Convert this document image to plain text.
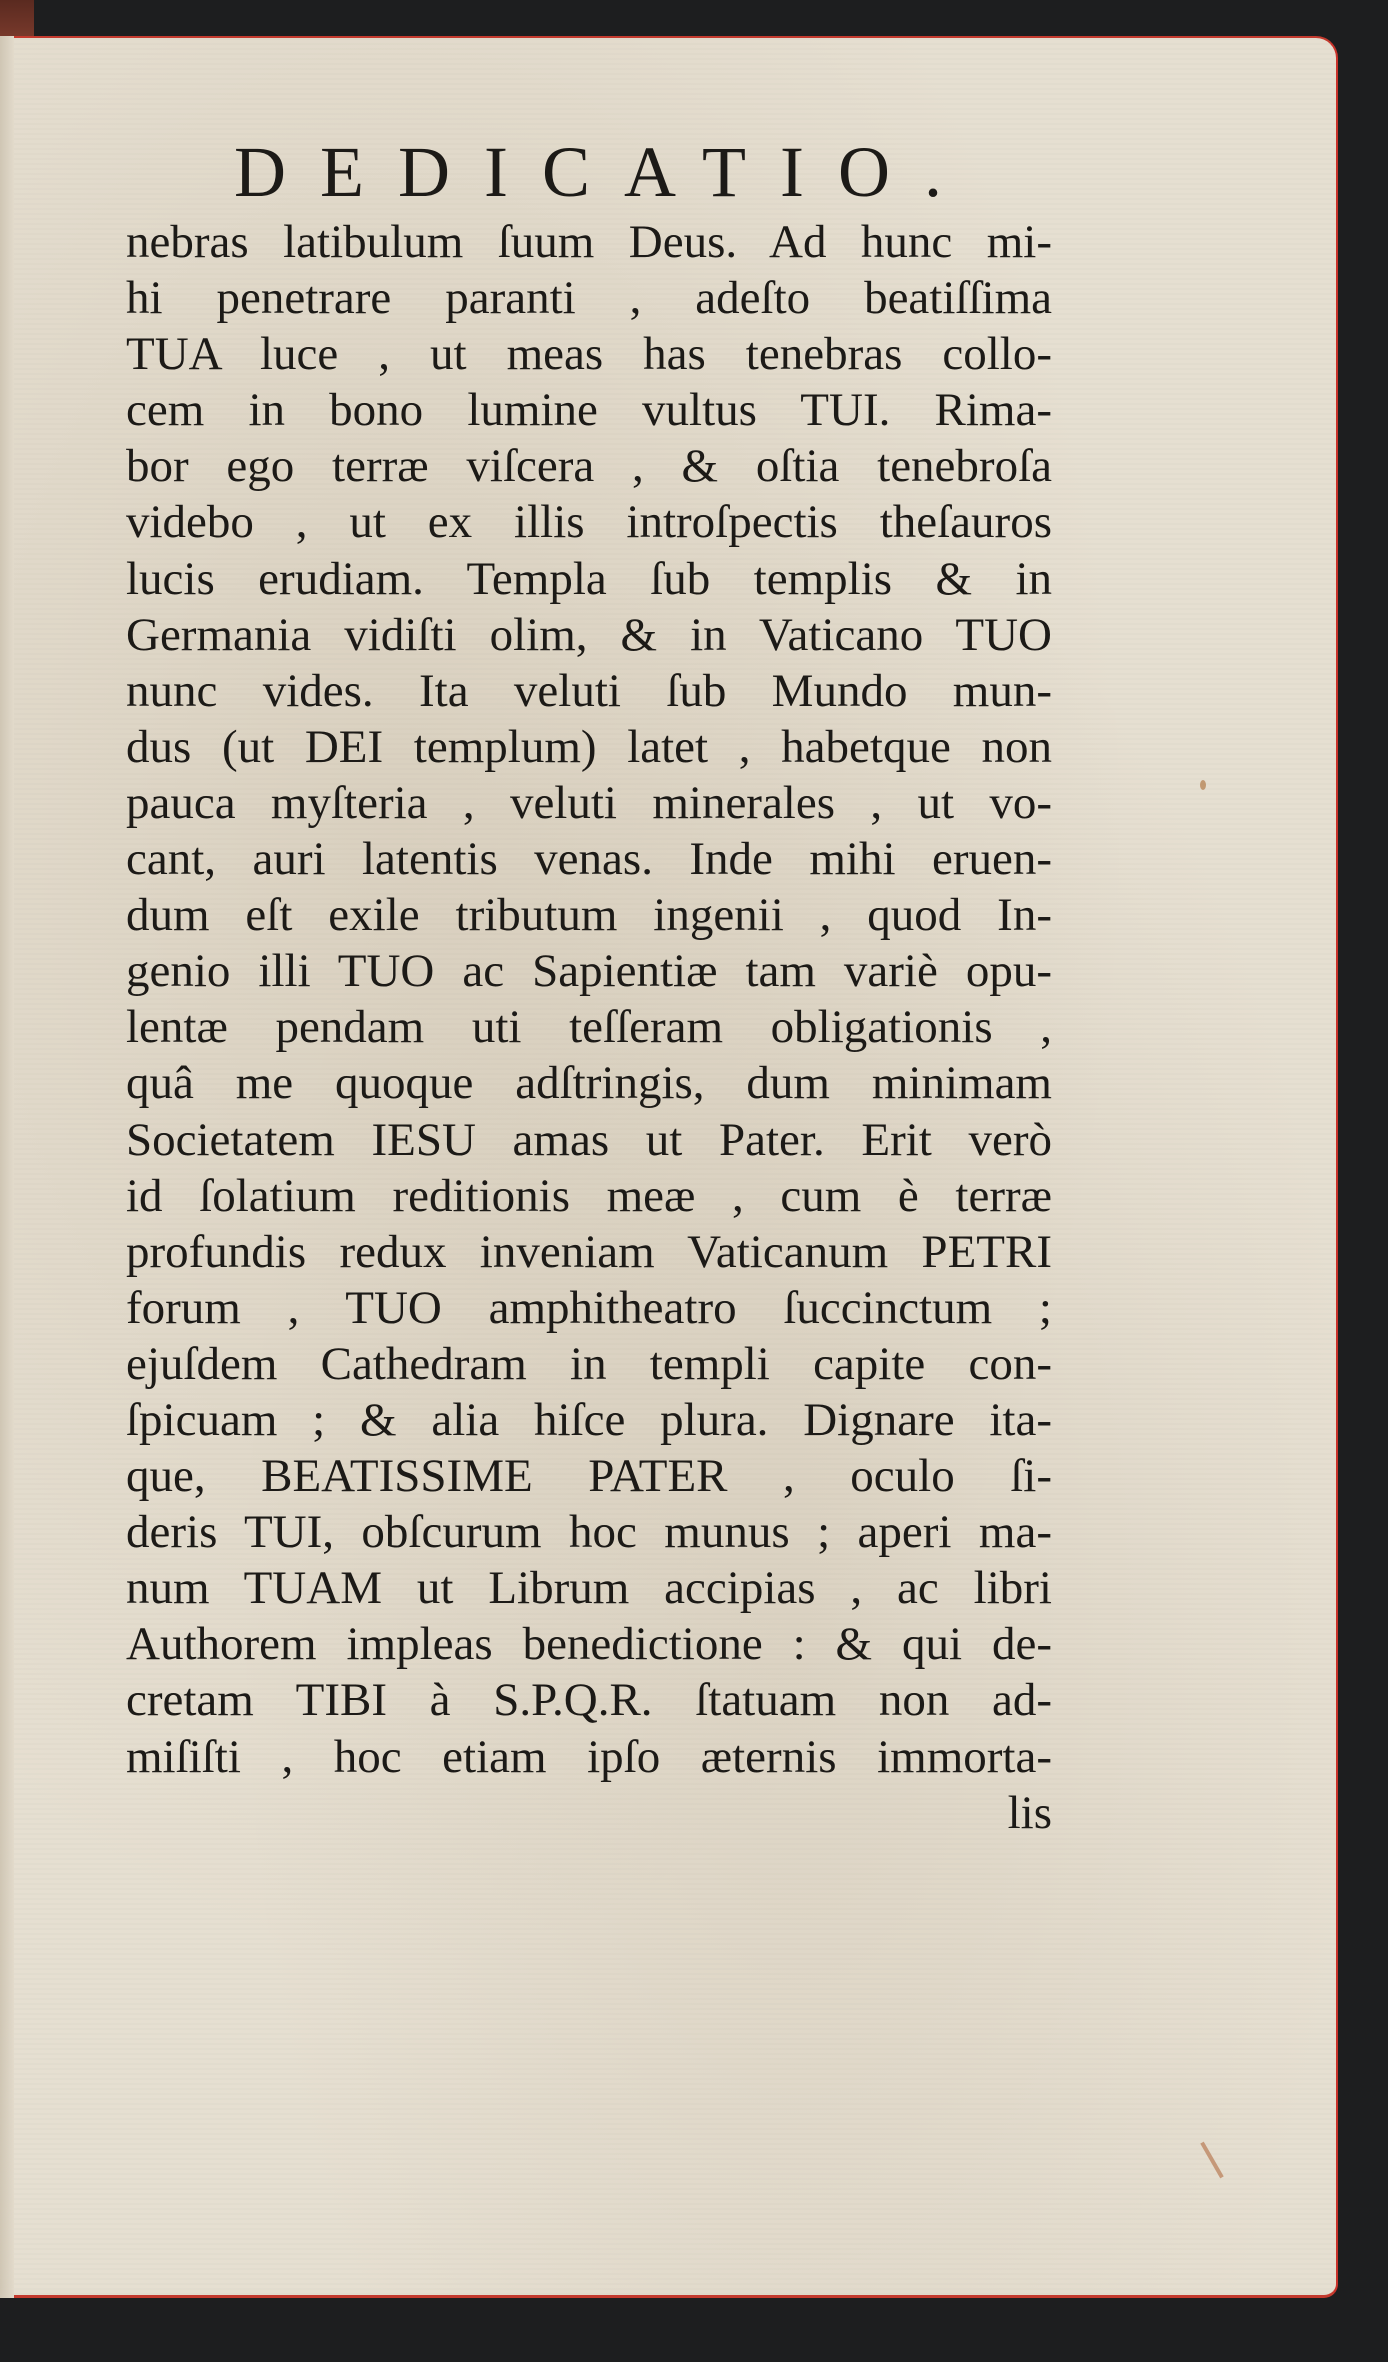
DEDICATIO.
nebras latibulum ſuum Deus. Ad hunc mi-
hi penetrare paranti , adeſto beatiſſima
TUA luce , ut meas has tenebras collo-
cem in bono lumine vultus TUI. Rima-
bor ego terræ viſcera , & oſtia tenebroſa
videbo , ut ex illis introſpectis theſauros
lucis erudiam. Templa ſub templis & in
Germania vidiſti olim, & in Vaticano TUO
nunc vides. Ita veluti ſub Mundo mun-
dus (ut DEI templum) latet , habetque non
pauca myſteria , veluti minerales , ut vo-
cant, auri latentis venas. Inde mihi eruen-
dum eſt exile tributum ingenii , quod In-
genio illi TUO ac Sapientiæ tam variè opu-
lentæ pendam uti teſſeram obligationis ,
quâ me quoque adſtringis, dum minimam
Societatem IESU amas ut Pater. Erit verò
id ſolatium reditionis meæ , cum è terræ
profundis redux inveniam Vaticanum PETRI
forum , TUO amphitheatro ſuccinctum ;
ejuſdem Cathedram in templi capite con-
ſpicuam ; & alia hiſce plura. Dignare ita-
que, BEATISSIME PATER , oculo ſi-
deris TUI, obſcurum hoc munus ; aperi ma-
num TUAM ut Librum accipias , ac libri
Authorem impleas benedictione : & qui de-
cretam TIBI à S.P.Q.R. ſtatuam non ad-
miſiſti , hoc etiam ipſo æternis immorta-
lis
